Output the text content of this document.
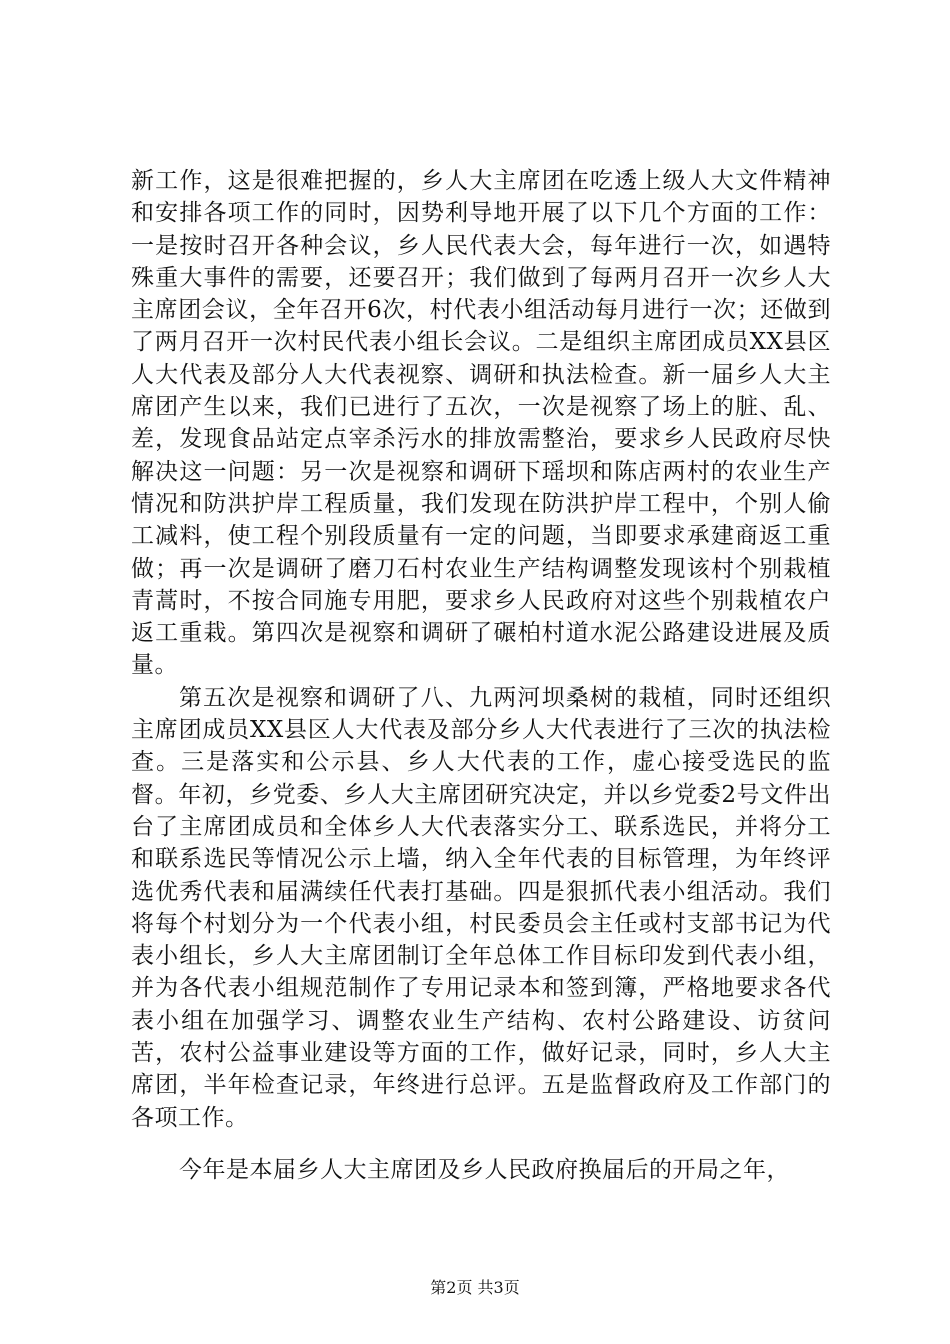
新工作，这是很难把握的，乡人大主席团在吃透上级人大文件精神和安排各项工作的同时，因势利导地开展了以下几个方面的工作：一是按时召开各种会议，乡人民代表大会，每年进行一次，如遇特殊重大事件的需要，还要召开；我们做到了每两月召开一次乡人大主席团会议，全年召开6次，村代表小组活动每月进行一次；还做到了两月召开一次村民代表小组长会议。二是组织主席团成员XX县区人大代表及部分人大代表视察、调研和执法检查。新一届乡人大主席团产生以来，我们已进行了五次，一次是视察了场上的脏、乱、差，发现食品站定点宰杀污水的排放需整治，要求乡人民政府尽快解决这一问题：另一次是视察和调研下瑶坝和陈店两村的农业生产情况和防洪护岸工程质量，我们发现在防洪护岸工程中，个别人偷工减料，使工程个别段质量有一定的问题，当即要求承建商返工重做；再一次是调研了磨刀石村农业生产结构调整发现该村个别栽植青蒿时，不按合同施专用肥，要求乡人民政府对这些个别栽植农户返工重栽。第四次是视察和调研了碾柏村道水泥公路建设进展及质量。

第五次是视察和调研了八、九两河坝桑树的栽植，同时还组织主席团成员XX县区人大代表及部分乡人大代表进行了三次的执法检查。三是落实和公示县、乡人大代表的工作，虚心接受选民的监督。年初，乡党委、乡人大主席团研究决定，并以乡党委2号文件出台了主席团成员和全体乡人大代表落实分工、联系选民，并将分工和联系选民等情况公示上墙，纳入全年代表的目标管理，为年终评选优秀代表和届满续任代表打基础。四是狠抓代表小组活动。我们将每个村划分为一个代表小组，村民委员会主任或村支部书记为代表小组长，乡人大主席团制订全年总体工作目标印发到代表小组，并为各代表小组规范制作了专用记录本和签到簿，严格地要求各代表小组在加强学习、调整农业生产结构、农村公路建设、访贫问苦，农村公益事业建设等方面的工作，做好记录，同时，乡人大主席团，半年检查记录，年终进行总评。五是监督政府及工作部门的各项工作。

今年是本届乡人大主席团及乡人民政府换届后的开局之年，

第2页 共3页
